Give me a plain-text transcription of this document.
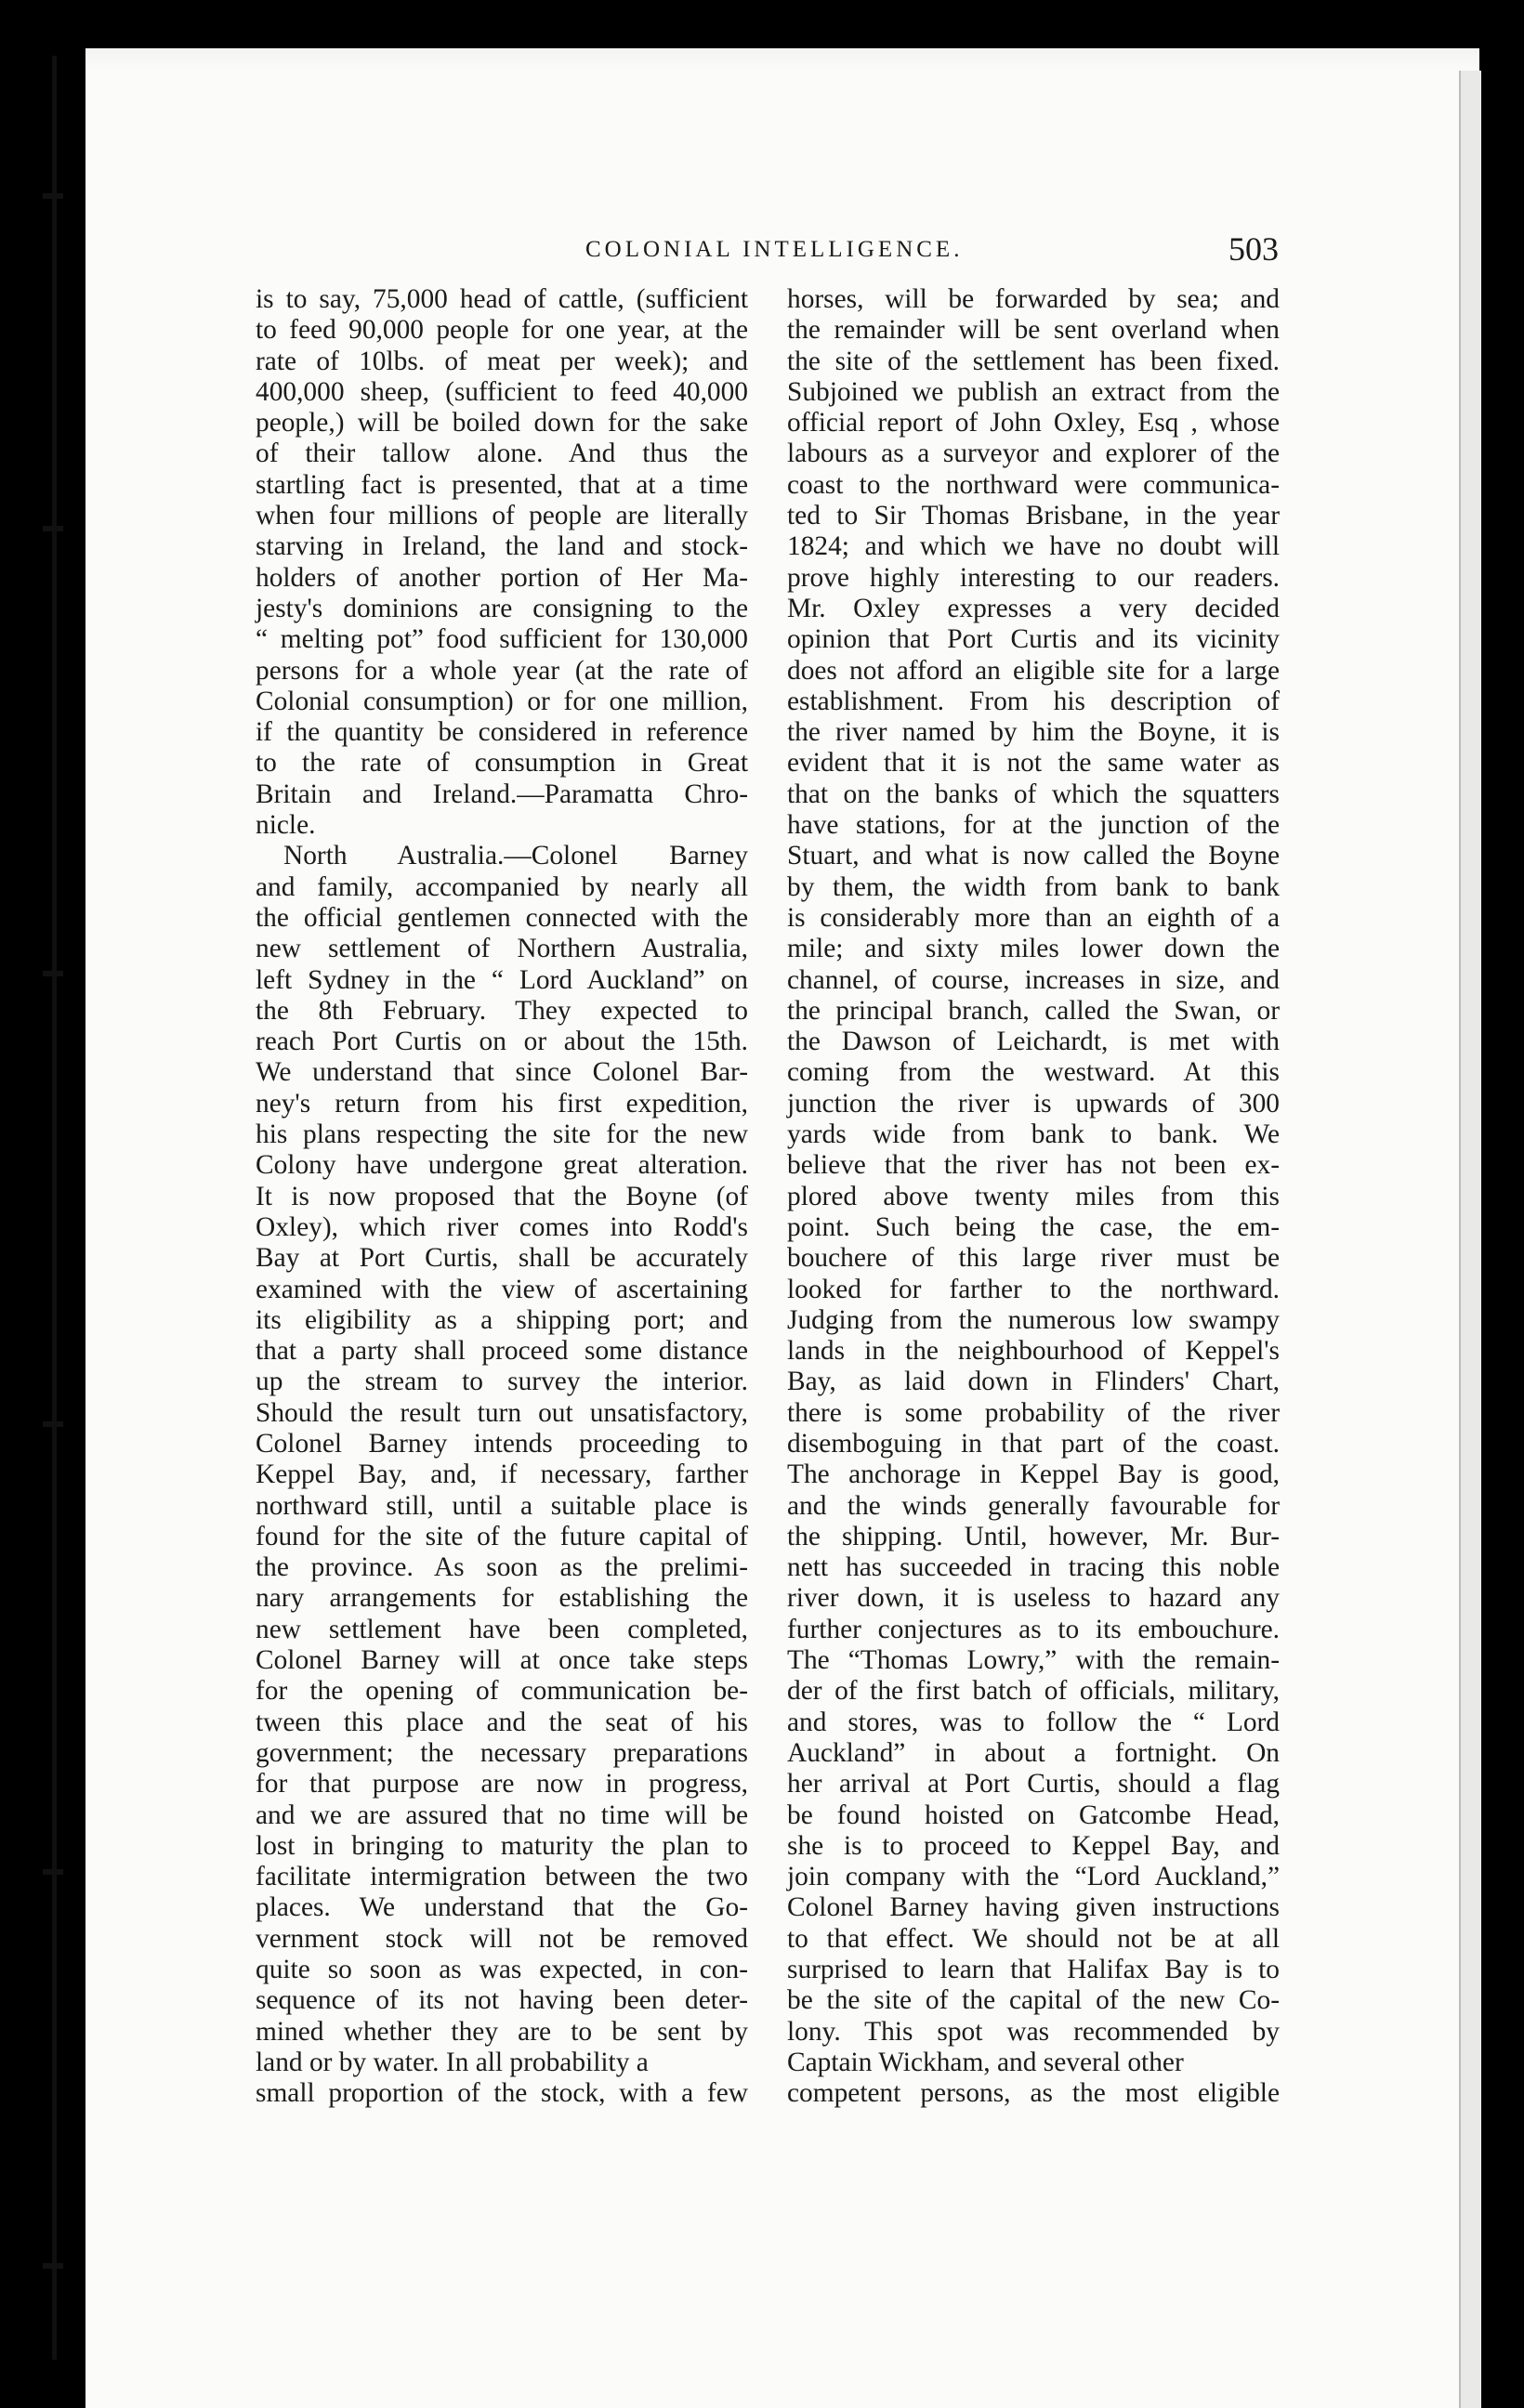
COLONIAL INTELLIGENCE.	503
is to say, 75,000 head of cattle, (sufficient
to feed 90,000 people for one year, at the
rate of 10lbs. of meat per week); and
400,000 sheep, (sufficient to feed 40,000
people,) will be boiled down for the sake
of their tallow alone. And thus the
startling fact is presented, that at a time
when four millions of people are literally
starving in Ireland, the land and stock-
holders of another portion of Her Ma-
jesty's dominions are consigning to the
“ melting pot” food sufficient for 130,000
persons for a whole year (at the rate of
Colonial consumption) or for one million,
if the quantity be considered in reference
to the rate of consumption in Great
Britain and Ireland.—Paramatta Chro-
nicle.
North Australia.—Colonel Barney
and family, accompanied by nearly all
the official gentlemen connected with the
new settlement of Northern Australia,
left Sydney in the “ Lord Auckland” on
the 8th February. They expected to
reach Port Curtis on or about the 15th.
We understand that since Colonel Bar-
ney's return from his first expedition,
his plans respecting the site for the new
Colony have undergone great alteration.
It is now proposed that the Boyne (of
Oxley), which river comes into Rodd's
Bay at Port Curtis, shall be accurately
examined with the view of ascertaining
its eligibility as a shipping port; and
that a party shall proceed some distance
up the stream to survey the interior.
Should the result turn out unsatisfactory,
Colonel Barney intends proceeding to
Keppel Bay, and, if necessary, farther
northward still, until a suitable place is
found for the site of the future capital of
the province. As soon as the prelimi-
nary arrangements for establishing the
new settlement have been completed,
Colonel Barney will at once take steps
for the opening of communication be-
tween this place and the seat of his
government; the necessary preparations
for that purpose are now in progress,
and we are assured that no time will be
lost in bringing to maturity the plan to
facilitate intermigration between the two
places. We understand that the Go-
vernment stock will not be removed
quite so soon as was expected, in con-
sequence of its not having been deter-
mined whether they are to be sent by
land or by water. In all probability a
small proportion of the stock, with a few
horses, will be forwarded by sea; and
the remainder will be sent overland when
the site of the settlement has been fixed.
Subjoined we publish an extract from the
official report of John Oxley, Esq , whose
labours as a surveyor and explorer of the
coast to the northward were communica-
ted to Sir Thomas Brisbane, in the year
1824; and which we have no doubt will
prove highly interesting to our readers.
Mr. Oxley expresses a very decided
opinion that Port Curtis and its vicinity
does not afford an eligible site for a large
establishment. From his description of
the river named by him the Boyne, it is
evident that it is not the same water as
that on the banks of which the squatters
have stations, for at the junction of the
Stuart, and what is now called the Boyne
by them, the width from bank to bank
is considerably more than an eighth of a
mile; and sixty miles lower down the
channel, of course, increases in size, and
the principal branch, called the Swan, or
the Dawson of Leichardt, is met with
coming from the westward. At this
junction the river is upwards of 300
yards wide from bank to bank. We
believe that the river has not been ex-
plored above twenty miles from this
point. Such being the case, the em-
bouchere of this large river must be
looked for farther to the northward.
Judging from the numerous low swampy
lands in the neighbourhood of Keppel's
Bay, as laid down in Flinders' Chart,
there is some probability of the river
disemboguing in that part of the coast.
The anchorage in Keppel Bay is good,
and the winds generally favourable for
the shipping. Until, however, Mr. Bur-
nett has succeeded in tracing this noble
river down, it is useless to hazard any
further conjectures as to its embouchure.
The “Thomas Lowry,” with the remain-
der of the first batch of officials, military,
and stores, was to follow the “ Lord
Auckland” in about a fortnight. On
her arrival at Port Curtis, should a flag
be found hoisted on Gatcombe Head,
she is to proceed to Keppel Bay, and
join company with the “Lord Auckland,”
Colonel Barney having given instructions
to that effect. We should not be at all
surprised to learn that Halifax Bay is to
be the site of the capital of the new Co-
lony. This spot was recommended by
Captain Wickham, and several other
competent persons, as the most eligible
